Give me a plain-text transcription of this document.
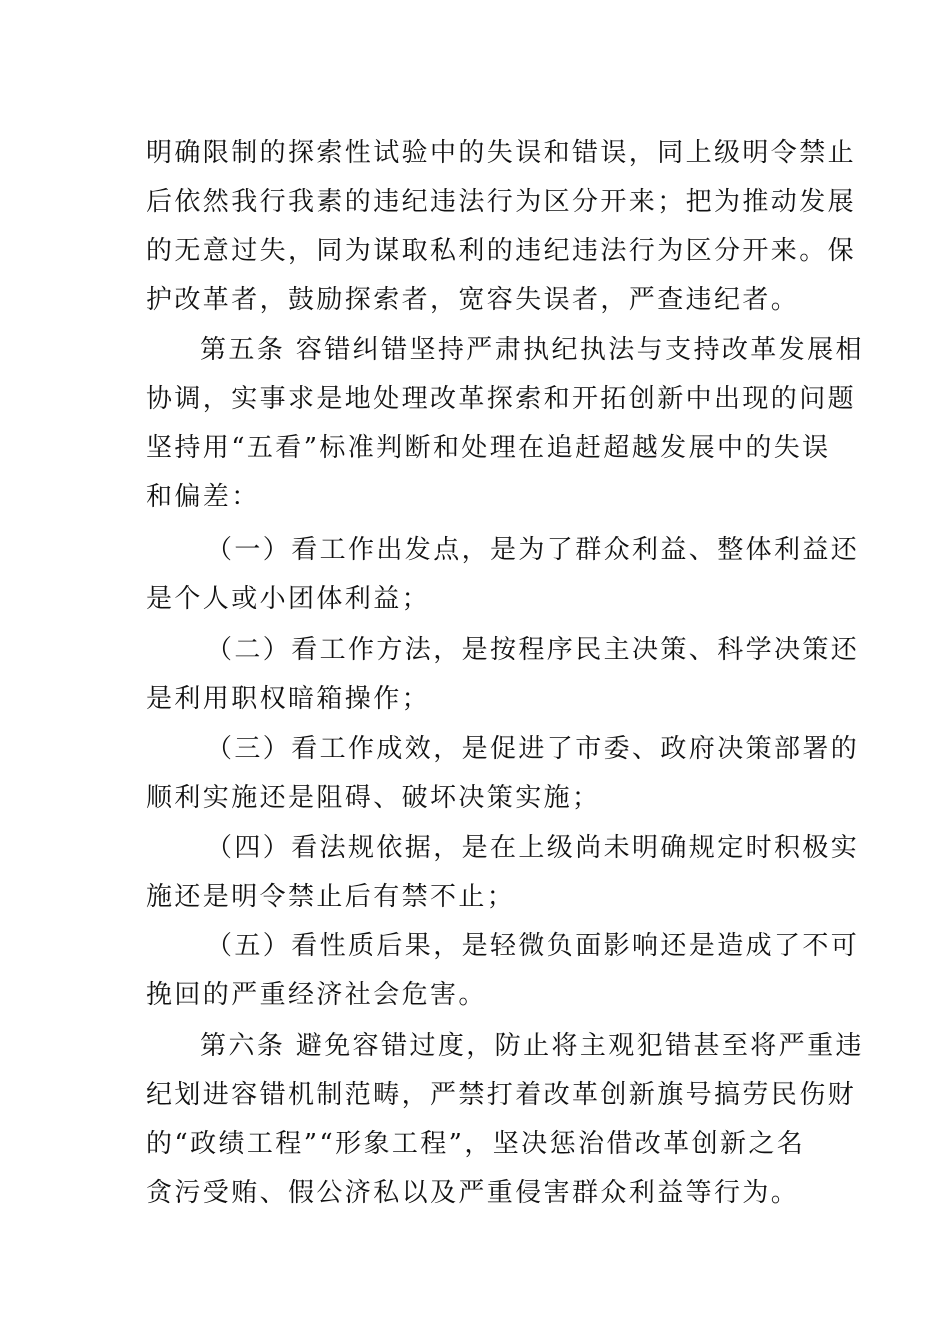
明确限制的探索性试验中的失误和错误，同上级明令禁止
后依然我行我素的违纪违法行为区分开来；把为推动发展
的无意过失，同为谋取私利的违纪违法行为区分开来。保
护改革者，鼓励探索者，宽容失误者，严查违纪者。
第五条 容错纠错坚持严肃执纪执法与支持改革发展相
协调，实事求是地处理改革探索和开拓创新中出现的问题
坚持用“五看”标准判断和处理在追赶超越发展中的失误
和偏差：
（一）看工作出发点，是为了群众利益、整体利益还
是个人或小团体利益；
（二）看工作方法，是按程序民主决策、科学决策还
是利用职权暗箱操作；
（三）看工作成效，是促进了市委、政府决策部署的
顺利实施还是阻碍、破坏决策实施；
（四）看法规依据，是在上级尚未明确规定时积极实
施还是明令禁止后有禁不止；
（五）看性质后果，是轻微负面影响还是造成了不可
挽回的严重经济社会危害。
第六条 避免容错过度，防止将主观犯错甚至将严重违
纪划进容错机制范畴，严禁打着改革创新旗号搞劳民伤财
的“政绩工程”“形象工程”，坚决惩治借改革创新之名
贪污受贿、假公济私以及严重侵害群众利益等行为。
